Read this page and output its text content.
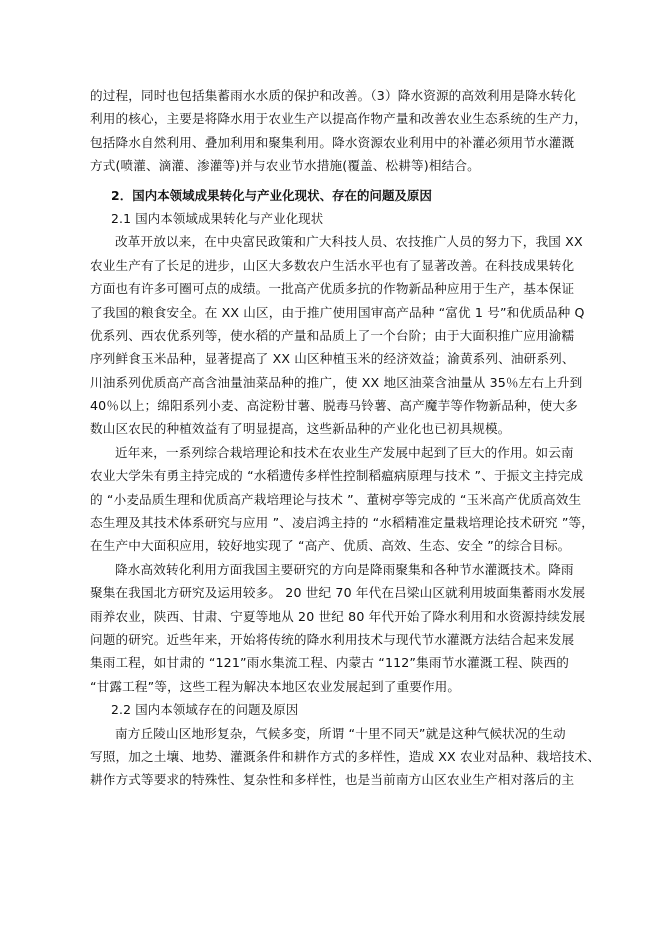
的过程，同时也包括集蓄雨水水质的保护和改善。（3）降水资源的高效利用是降水转化
利用的核心，主要是将降水用于农业生产以提高作物产量和改善农业生态系统的生产力，
包括降水自然利用、叠加利用和聚集利用。降水资源农业利用中的补灌必须用节水灌溉
方式(喷灌、滴灌、渗灌等)并与农业节水措施(覆盖、松耕等)相结合。
2．国内本领域成果转化与产业化现状、存在的问题及原因
2.1 国内本领域成果转化与产业化现状
改革开放以来，在中央富民政策和广大科技人员、农技推广人员的努力下，我国 XX
农业生产有了长足的进步，山区大多数农户生活水平也有了显著改善。在科技成果转化
方面也有许多可圈可点的成绩。一批高产优质多抗的作物新品种应用于生产，基本保证
了我国的粮食安全。在 XX 山区，由于推广使用国审高产品种 “富优 1 号”和优质品种 Q
优系列、西农优系列等，使水稻的产量和品质上了一个台阶；由于大面积推广应用渝糯
序列鲜食玉米品种，显著提高了 XX 山区种植玉米的经济效益；渝黄系列、油研系列、
川油系列优质高产高含油量油菜品种的推广，使 XX 地区油菜含油量从 35％左右上升到
40％以上；绵阳系列小麦、高淀粉甘薯、脱毒马铃薯、高产魔芋等作物新品种，使大多
数山区农民的种植效益有了明显提高，这些新品种的产业化也已初具规模。
近年来，一系列综合栽培理论和技术在农业生产发展中起到了巨大的作用。如云南
农业大学朱有勇主持完成的 “水稻遗传多样性控制稻瘟病原理与技术 ”、于振文主持完成
的 “小麦品质生理和优质高产栽培理论与技术 ”、董树亭等完成的 “玉米高产优质高效生
态生理及其技术体系研究与应用 ”、凌启鸿主持的 “水稻精准定量栽培理论技术研究 ”等，
在生产中大面积应用，较好地实现了 “高产、优质、高效、生态、安全 ”的综合目标。
降水高效转化利用方面我国主要研究的方向是降雨聚集和各种节水灌溉技术。降雨
聚集在我国北方研究及运用较多。 20 世纪 70 年代在吕梁山区就利用坡面集蓄雨水发展
雨养农业，陕西、甘肃、宁夏等地从 20 世纪 80 年代开始了降水利用和水资源持续发展
问题的研究。近些年来，开始将传统的降水利用技术与现代节水灌溉方法结合起来发展
集雨工程，如甘肃的 “121”雨水集流工程、内蒙古 “112”集雨节水灌溉工程、陕西的
“甘露工程”等，这些工程为解决本地区农业发展起到了重要作用。
2.2 国内本领域存在的问题及原因
南方丘陵山区地形复杂，气候多变，所谓 “十里不同天”就是这种气候状况的生动
写照，加之土壤、地势、灌溉条件和耕作方式的多样性，造成 XX 农业对品种、栽培技术、
耕作方式等要求的特殊性、复杂性和多样性，也是当前南方山区农业生产相对落后的主
